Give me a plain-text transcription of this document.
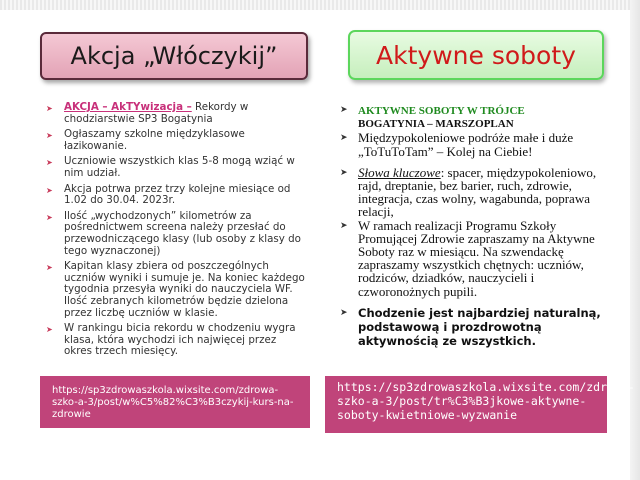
Akcja „Włóczykij”	Aktywne soboty
➤ AKCJA – AkTYwizacja – Rekordy w chodziarstwie SP3 Bogatynia
➤ Ogłaszamy szkolne międzyklasowe łazikowanie.
➤ Uczniowie wszystkich klas 5-8 mogą wziąć w nim udział.
➤ Akcja potrwa przez trzy kolejne miesiące od 1.02 do 30.04. 2023r.
➤ Ilość „wychodzonych” kilometrów za pośrednictwem screena należy przesłać do przewodniczącego klasy (lub osoby z klasy do tego wyznaczonej)
➤ Kapitan klasy zbiera od poszczególnych uczniów wyniki i sumuje je. Na koniec każdego tygodnia przesyła wyniki do nauczyciela WF. Ilość zebranych kilometrów będzie dzielona przez liczbę uczniów w klasie.
➤ W rankingu bicia rekordu w chodzeniu wygra klasa, która wychodzi ich najwięcej przez okres trzech miesięcy.
➤ AKTYWNE SOBOTY W TRÓJCE
BOGATYNIA – MARSZOPLAN
➤ Międzypokoleniowe podróże małe i duże „ToTuToTam” – Kolej na Ciebie!
➤ Słowa kluczowe: spacer, międzypokoleniowo, rajd, dreptanie, bez barier, ruch, zdrowie, integracja, czas wolny, wagabunda, poprawa relacji,
➤ W ramach realizacji Programu Szkoły Promującej Zdrowie zapraszamy na Aktywne Soboty raz w miesiącu. Na szwendackę zapraszamy wszystkich chętnych: uczniów, rodziców, dziadków, nauczycieli i czworonożnych pupili.
➤ Chodzenie jest najbardziej naturalną, podstawową i prozdrowotną aktywnością ze wszystkich.
https://sp3zdrowaszkola.wixsite.com/zdrowa-szko-a-3/post/w%C5%82%C3%B3czykij-kurs-na-zdrowie
https://sp3zdrowaszkola.wixsite.com/zdrowa-szko-a-3/post/tr%C3%B3jkowe-aktywne-soboty-kwietniowe-wyzwanie
